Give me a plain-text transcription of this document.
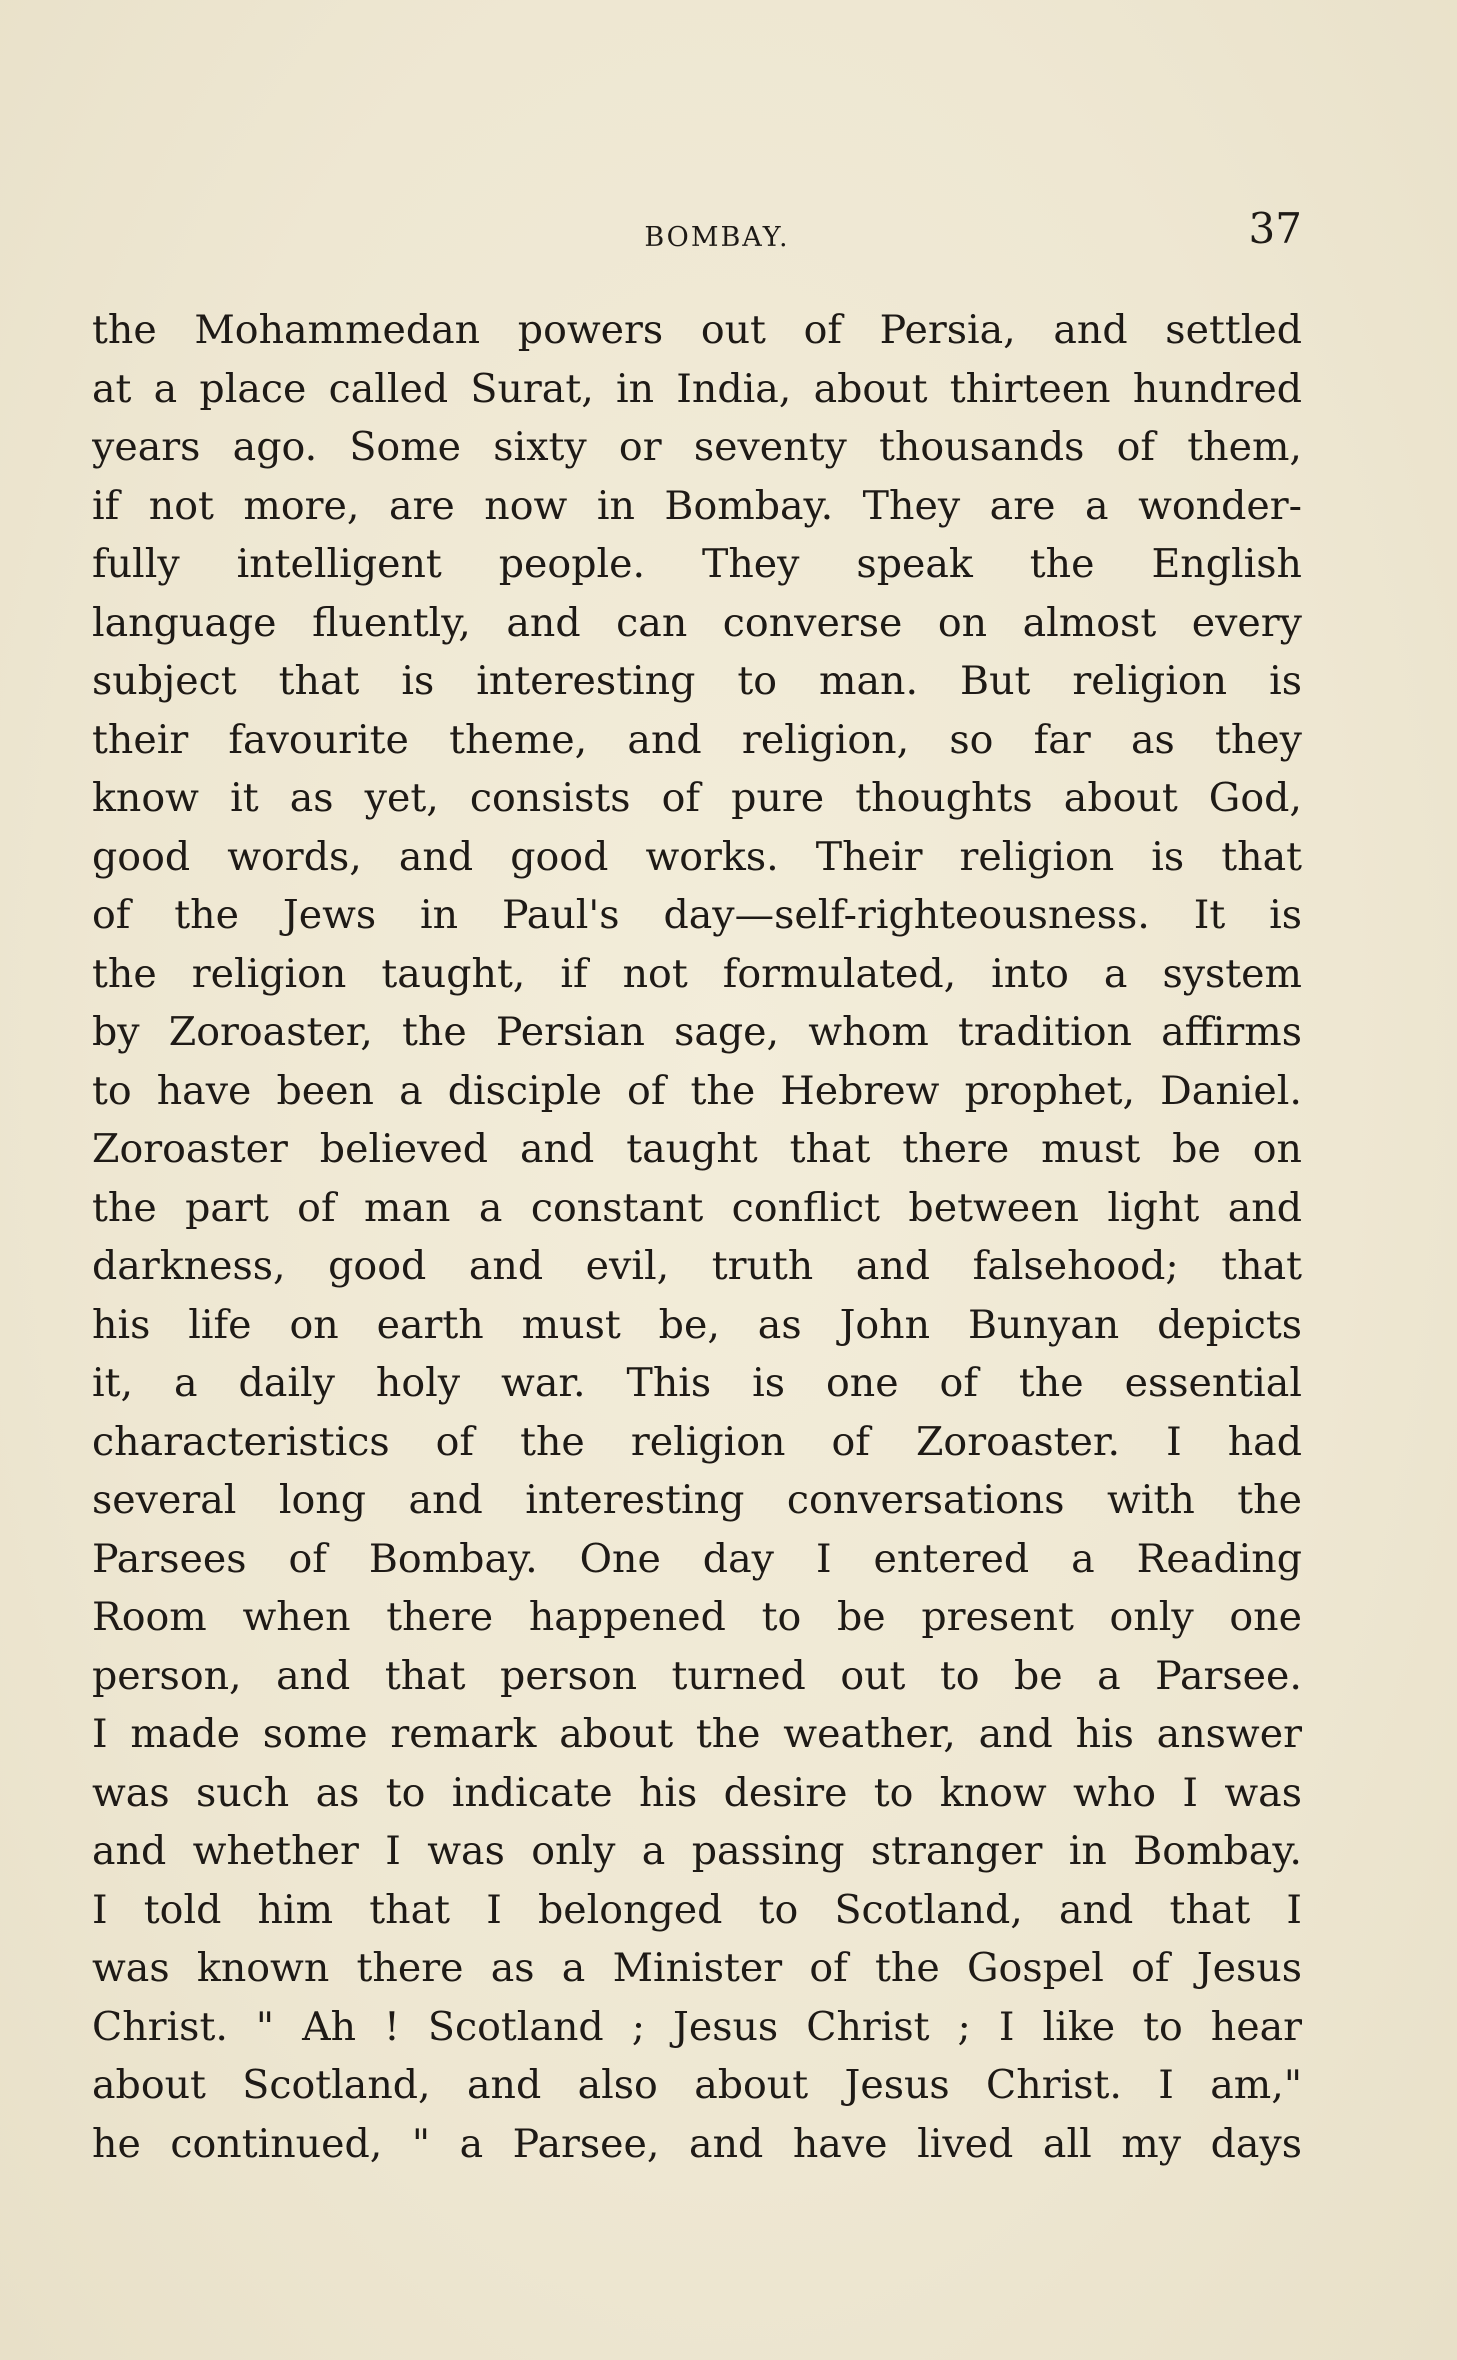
BOMBAY.	37
the Mohammedan powers out of Persia, and settled
at a place called Surat, in India, about thirteen hundred
years ago. Some sixty or seventy thousands of them,
if not more, are now in Bombay. They are a wonder-
fully intelligent people. They speak the English
language fluently, and can converse on almost every
subject that is interesting to man. But religion is
their favourite theme, and religion, so far as they
know it as yet, consists of pure thoughts about God,
good words, and good works. Their religion is that
of the Jews in Paul's day—self-righteousness. It is
the religion taught, if not formulated, into a system
by Zoroaster, the Persian sage, whom tradition affirms
to have been a disciple of the Hebrew prophet, Daniel.
Zoroaster believed and taught that there must be on
the part of man a constant conflict between light and
darkness, good and evil, truth and falsehood; that
his life on earth must be, as John Bunyan depicts
it, a daily holy war. This is one of the essential
characteristics of the religion of Zoroaster. I had
several long and interesting conversations with the
Parsees of Bombay. One day I entered a Reading
Room when there happened to be present only one
person, and that person turned out to be a Parsee.
I made some remark about the weather, and his answer
was such as to indicate his desire to know who I was
and whether I was only a passing stranger in Bombay.
I told him that I belonged to Scotland, and that I
was known there as a Minister of the Gospel of Jesus
Christ. " Ah ! Scotland ; Jesus Christ ; I like to hear
about Scotland, and also about Jesus Christ. I am,"
he continued, " a Parsee, and have lived all my days
